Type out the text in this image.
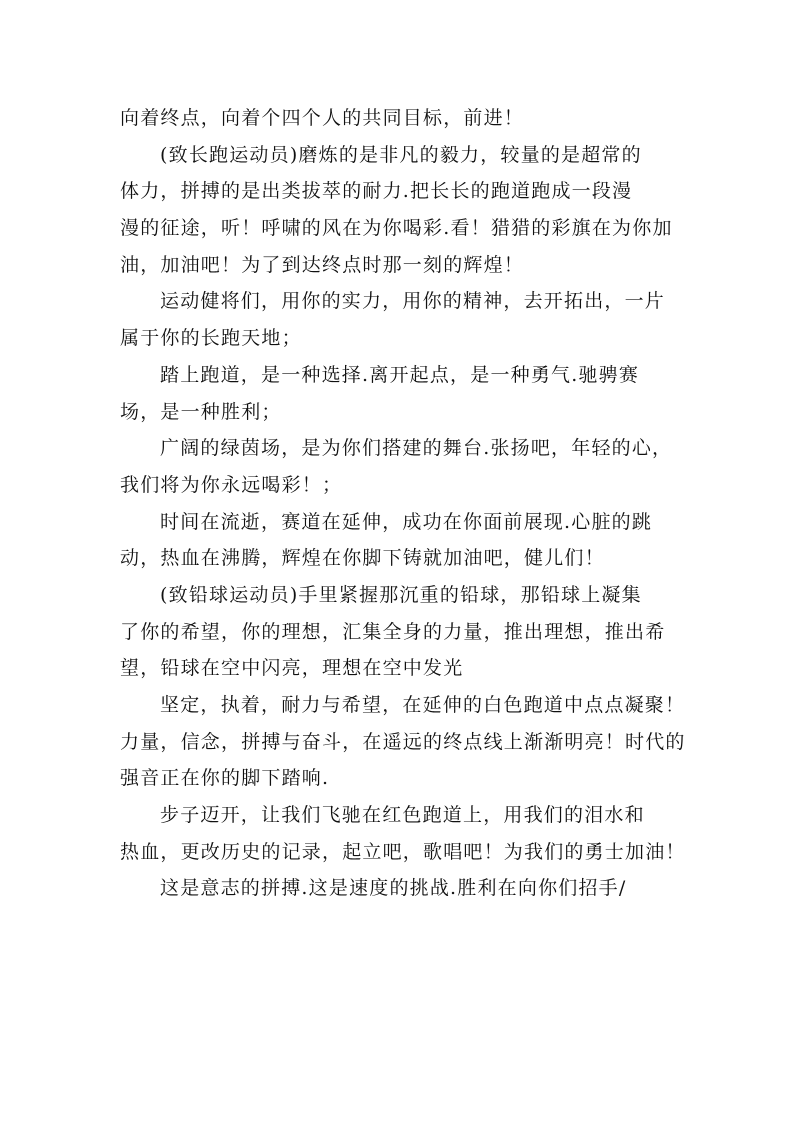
向着终点，向着个四个人的共同目标，前进！
(致长跑运动员)磨炼的是非凡的毅力，较量的是超常的
体力，拼搏的是出类拔萃的耐力.把长长的跑道跑成一段漫
漫的征途，听！呼啸的风在为你喝彩.看！猎猎的彩旗在为你加
油，加油吧！为了到达终点时那一刻的辉煌！
运动健将们，用你的实力，用你的精神，去开拓出，一片
属于你的长跑天地；
踏上跑道，是一种选择.离开起点，是一种勇气.驰骋赛
场，是一种胜利；
广阔的绿茵场，是为你们搭建的舞台.张扬吧，年轻的心，
我们将为你永远喝彩！；
时间在流逝，赛道在延伸，成功在你面前展现.心脏的跳
动，热血在沸腾，辉煌在你脚下铸就加油吧，健儿们！
(致铅球运动员)手里紧握那沉重的铅球，那铅球上凝集
了你的希望，你的理想，汇集全身的力量，推出理想，推出希
望，铅球在空中闪亮，理想在空中发光
坚定，执着，耐力与希望，在延伸的白色跑道中点点凝聚！
力量，信念，拼搏与奋斗，在遥远的终点线上渐渐明亮！时代的
强音正在你的脚下踏响.
步子迈开，让我们飞驰在红色跑道上，用我们的泪水和
热血，更改历史的记录，起立吧，歌唱吧！为我们的勇士加油！
这是意志的拼搏.这是速度的挑战.胜利在向你们招手/
